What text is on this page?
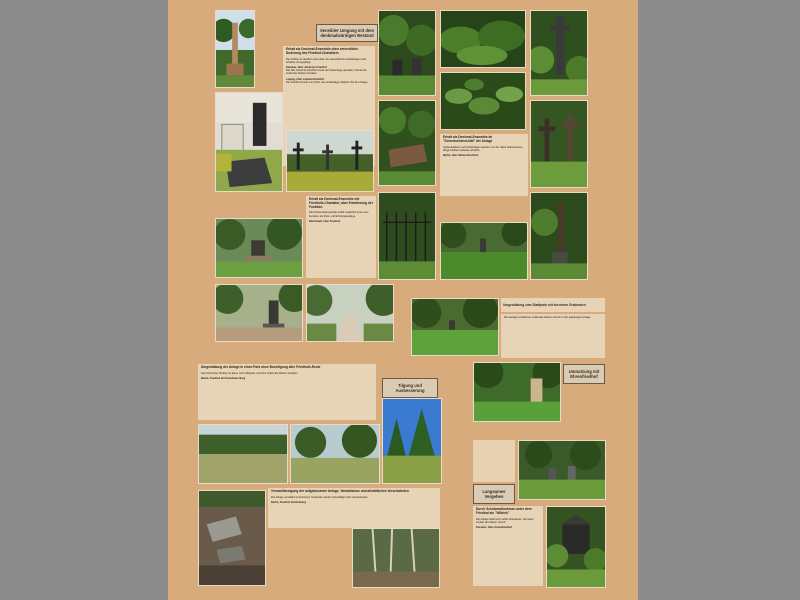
Sensibler Umgang mit dem denkmalwürdigen Bestand
Erhalt als Denkmal-Ensemble ohne wesentliche Änderung des Friedhof-Charakters
Der Aufbau ist deutlich erkennbar, die wesentlichen Grabanlagen sind erhalten und gepflegt.
Zwickau, Alter Johannis-Friedhof
Der Alte Johannis-Friedhof wurde als Parkanlage gestaltet, historische Grabmale blieben erhalten.
Leipzig, Alter Johannisfriedhof
Der Friedhof wurde zum Park, die Grabanlagen blieben Teil der Anlage.
Erhalt als Denkmal-Ensemble im "Dornröschenschlaf" der Anlage
Gedenkstätten und Grabanlagen werden von der Natur überwachsen, Wege bleiben teilweise erhalten.
Berlin, Alter Marien-Kirchhof
Erhalt als Denkmal-Ensemble mit Friedhofs-Charakter, aber Erweiterung der Funktion
Das Denkmal-Ensemble erhält zusätzlich eine neue Funktion als Park- und Erholungsanlage.
Darmstadt, Alter Friedhof
Umgestaltung zum Stadtpark mit einzelnen Grabmalen
Die wenigen erhaltenen Grabmale stehen einzeln in der parkartigen Anlage.
Umnutzung mit Ehrenfriedhof
Umgestaltung der Anlage in einen Park ohne Beseitigung aller Friedhofs-Reste
Die historische Struktur ist kaum noch ablesbar, einzelne Grabmale blieben erhalten.
Berlin, Friedhof am Prenzlauer Berg
Tilgung und Ausbesserung
Vernachlässigung der aufgelassenen Anlage, Vandalismus und allmähliches Verschwinden
Die Anlage verwildert zunehmend, Grabmale werden beschädigt oder verschwinden.
Berlin, Friedhof Schöneberg
Langsames Vergehen
Durch Schutzmaßnahmen unter dem Friedhof als "Wildnis"
Die Anlage bleibt sich selbst überlassen, die Natur erobert den Raum zurück.
Dresden, Alter Annenfriedhof
